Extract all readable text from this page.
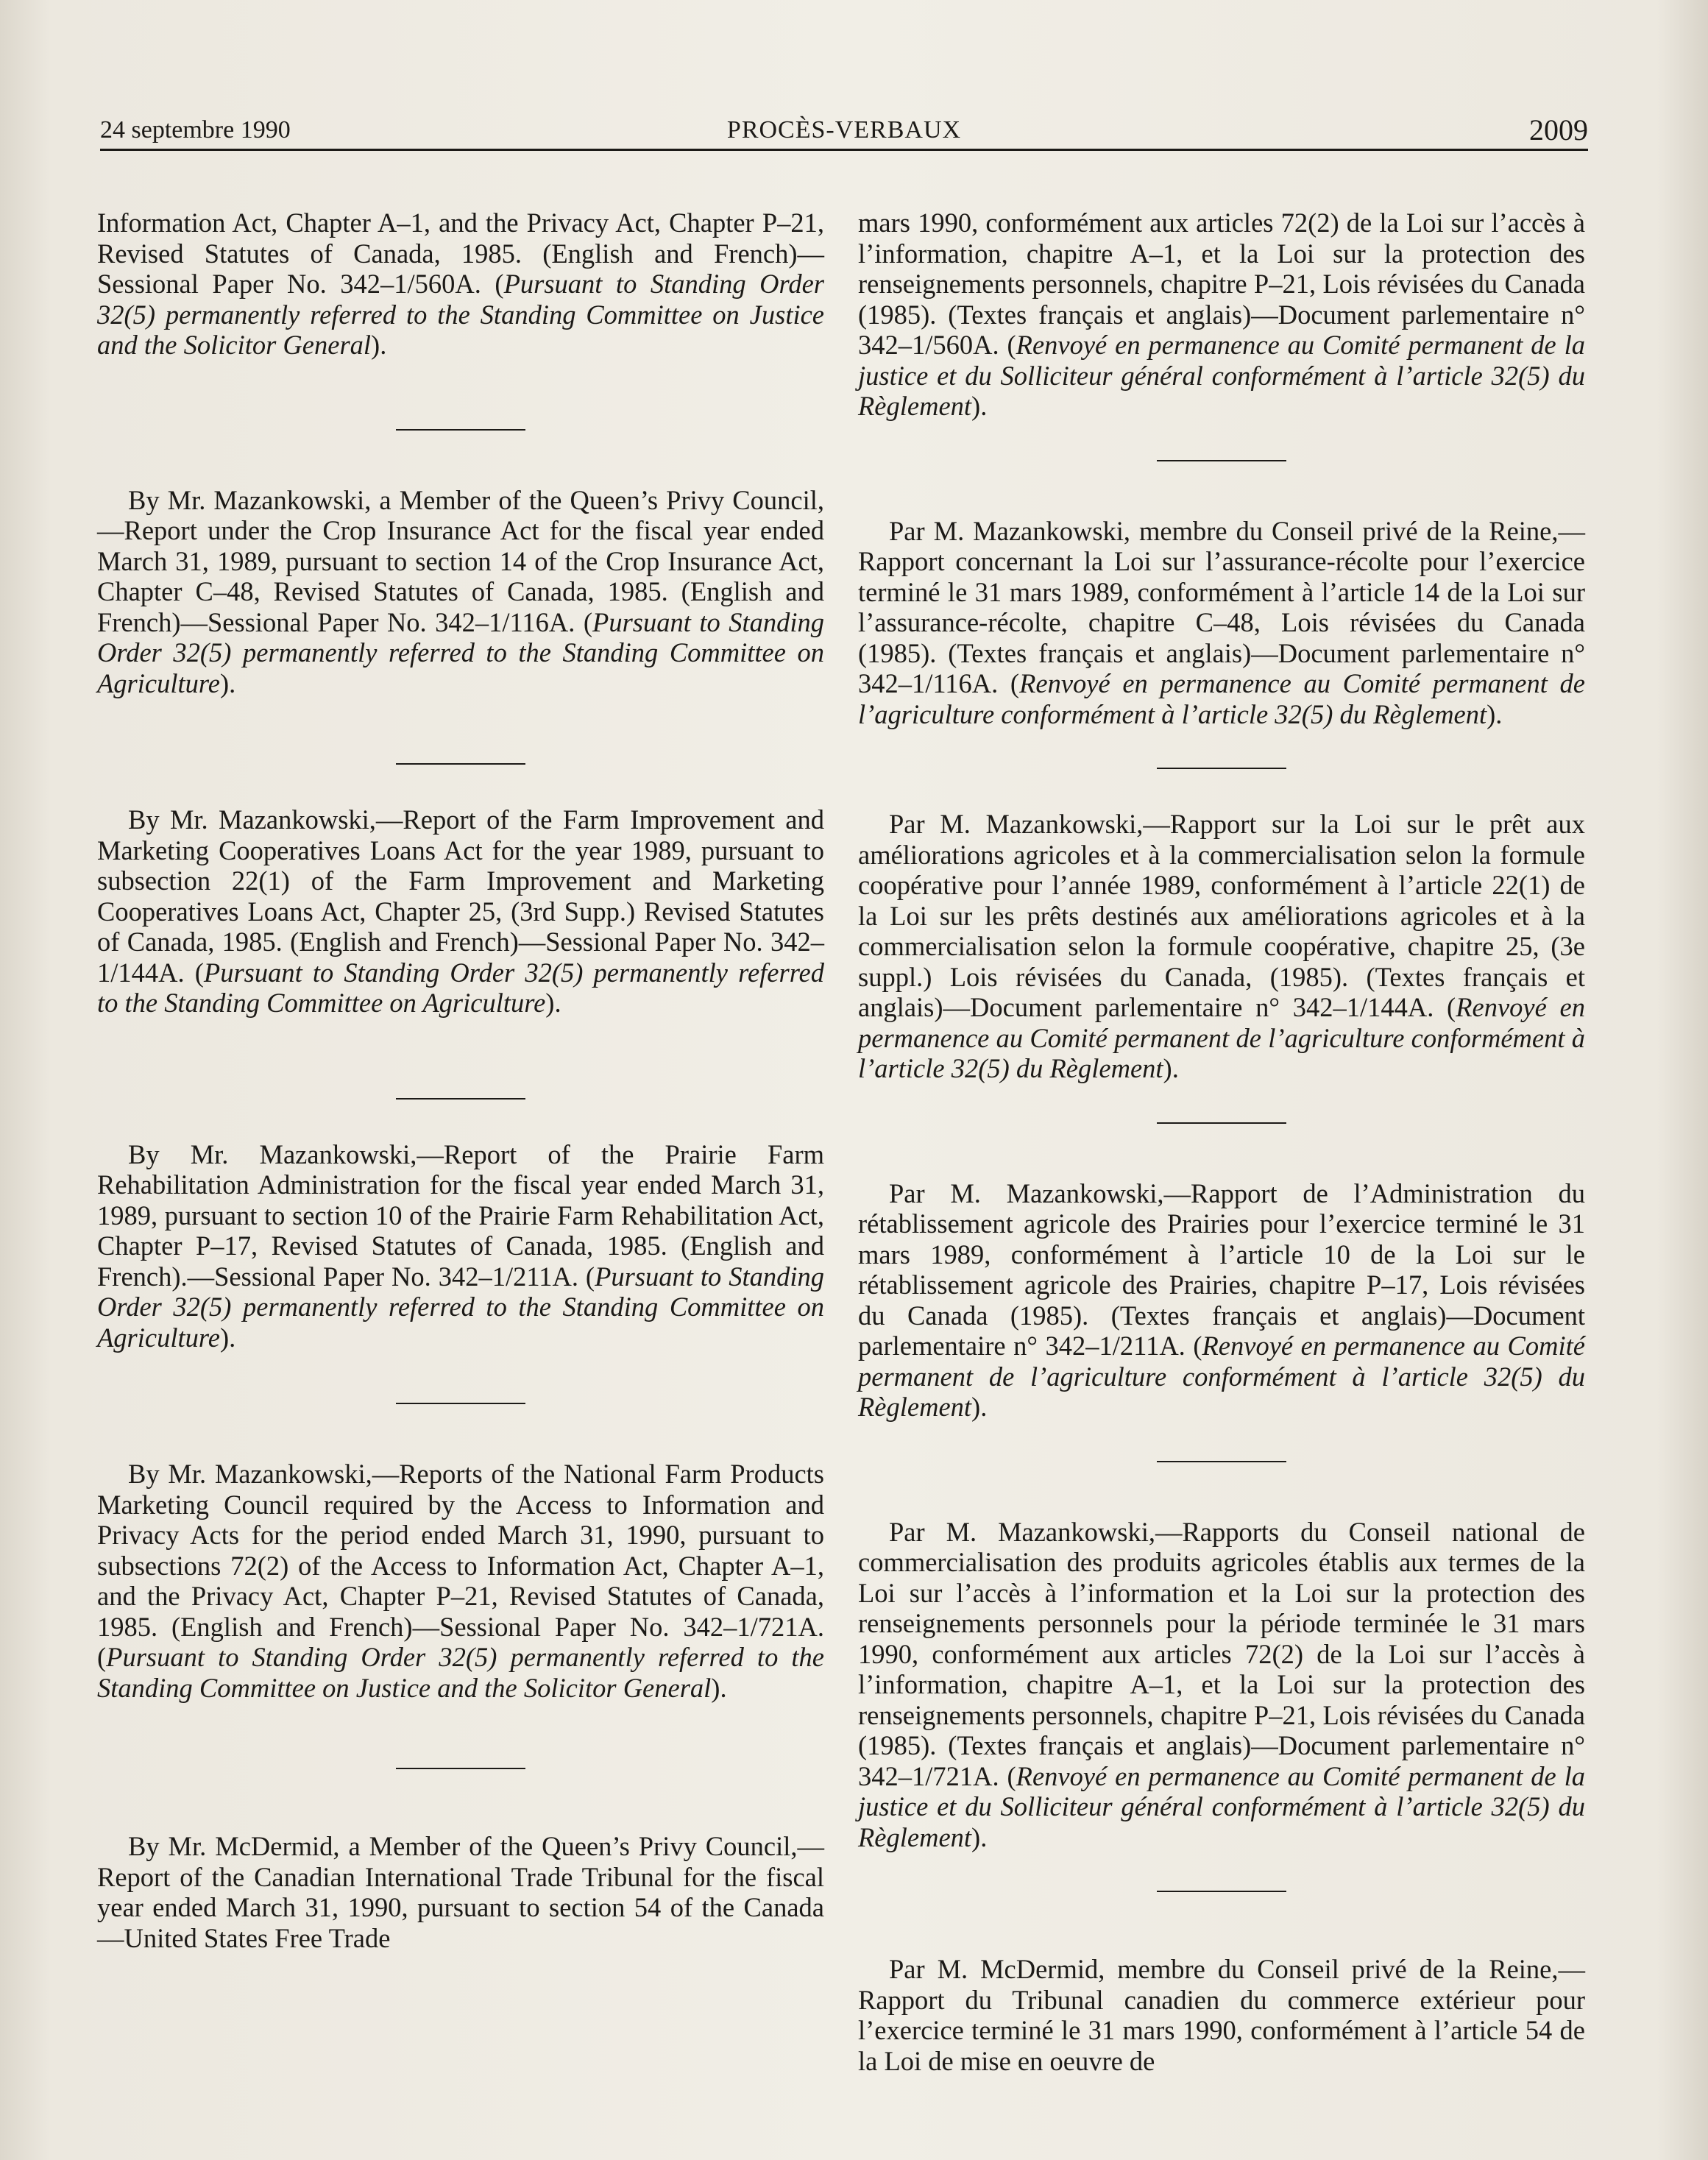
24 septembre 1990	PROCÈS-VERBAUX	2009

Information Act, Chapter A–1, and the Privacy Act, Chapter P–21, Revised Statutes of Canada, 1985. (English and French)—Sessional Paper No. 342–1/560A. (Pursuant to Standing Order 32(5) permanently referred to the Standing Committee on Justice and the Solicitor General).

By Mr. Mazankowski, a Member of the Queen’s Privy Council,—Report under the Crop Insurance Act for the fiscal year ended March 31, 1989, pursuant to section 14 of the Crop Insurance Act, Chapter C–48, Revised Statutes of Canada, 1985. (English and French)—Sessional Paper No. 342–1/116A. (Pursuant to Standing Order 32(5) permanently referred to the Standing Committee on Agriculture).

By Mr. Mazankowski,—Report of the Farm Improvement and Marketing Cooperatives Loans Act for the year 1989, pursuant to subsection 22(1) of the Farm Improvement and Marketing Cooperatives Loans Act, Chapter 25, (3rd Supp.) Revised Statutes of Canada, 1985. (English and French)—Sessional Paper No. 342–1/144A. (Pursuant to Standing Order 32(5) permanently referred to the Standing Committee on Agriculture).

By Mr. Mazankowski,—Report of the Prairie Farm Rehabilitation Administration for the fiscal year ended March 31, 1989, pursuant to section 10 of the Prairie Farm Rehabilitation Act, Chapter P–17, Revised Statutes of Canada, 1985. (English and French).—Sessional Paper No. 342–1/211A. (Pursuant to Standing Order 32(5) permanently referred to the Standing Committee on Agriculture).

By Mr. Mazankowski,—Reports of the National Farm Products Marketing Council required by the Access to Information and Privacy Acts for the period ended March 31, 1990, pursuant to subsections 72(2) of the Access to Information Act, Chapter A–1, and the Privacy Act, Chapter P–21, Revised Statutes of Canada, 1985. (English and French)—Sessional Paper No. 342–1/721A. (Pursuant to Standing Order 32(5) permanently referred to the Standing Committee on Justice and the Solicitor General).

By Mr. McDermid, a Member of the Queen’s Privy Council,—Report of the Canadian International Trade Tribunal for the fiscal year ended March 31, 1990, pursuant to section 54 of the Canada—United States Free Trade

mars 1990, conformément aux articles 72(2) de la Loi sur l’accès à l’information, chapitre A–1, et la Loi sur la protection des renseignements personnels, chapitre P–21, Lois révisées du Canada (1985). (Textes français et anglais)—Document parlementaire n° 342–1/560A. (Renvoyé en permanence au Comité permanent de la justice et du Solliciteur général conformément à l’article 32(5) du Règlement).

Par M. Mazankowski, membre du Conseil privé de la Reine,—Rapport concernant la Loi sur l’assurance-récolte pour l’exercice terminé le 31 mars 1989, conformément à l’article 14 de la Loi sur l’assurance-récolte, chapitre C–48, Lois révisées du Canada (1985). (Textes français et anglais)—Document parlementaire n° 342–1/116A. (Renvoyé en permanence au Comité permanent de l’agriculture conformément à l’article 32(5) du Règlement).

Par M. Mazankowski,—Rapport sur la Loi sur le prêt aux améliorations agricoles et à la commercialisation selon la formule coopérative pour l’année 1989, conformément à l’article 22(1) de la Loi sur les prêts destinés aux améliorations agricoles et à la commercialisation selon la formule coopérative, chapitre 25, (3e suppl.) Lois révisées du Canada, (1985). (Textes français et anglais)—Document parlementaire n° 342–1/144A. (Renvoyé en permanence au Comité permanent de l’agriculture conformément à l’article 32(5) du Règlement).

Par M. Mazankowski,—Rapport de l’Administration du rétablissement agricole des Prairies pour l’exercice terminé le 31 mars 1989, conformément à l’article 10 de la Loi sur le rétablissement agricole des Prairies, chapitre P–17, Lois révisées du Canada (1985). (Textes français et anglais)—Document parlementaire n° 342–1/211A. (Renvoyé en permanence au Comité permanent de l’agriculture conformément à l’article 32(5) du Règlement).

Par M. Mazankowski,—Rapports du Conseil national de commercialisation des produits agricoles établis aux termes de la Loi sur l’accès à l’information et la Loi sur la protection des renseignements personnels pour la période terminée le 31 mars 1990, conformément aux articles 72(2) de la Loi sur l’accès à l’information, chapitre A–1, et la Loi sur la protection des renseignements personnels, chapitre P–21, Lois révisées du Canada (1985). (Textes français et anglais)—Document parlementaire n° 342–1/721A. (Renvoyé en permanence au Comité permanent de la justice et du Solliciteur général conformément à l’article 32(5) du Règlement).

Par M. McDermid, membre du Conseil privé de la Reine,—Rapport du Tribunal canadien du commerce extérieur pour l’exercice terminé le 31 mars 1990, conformément à l’article 54 de la Loi de mise en oeuvre de
